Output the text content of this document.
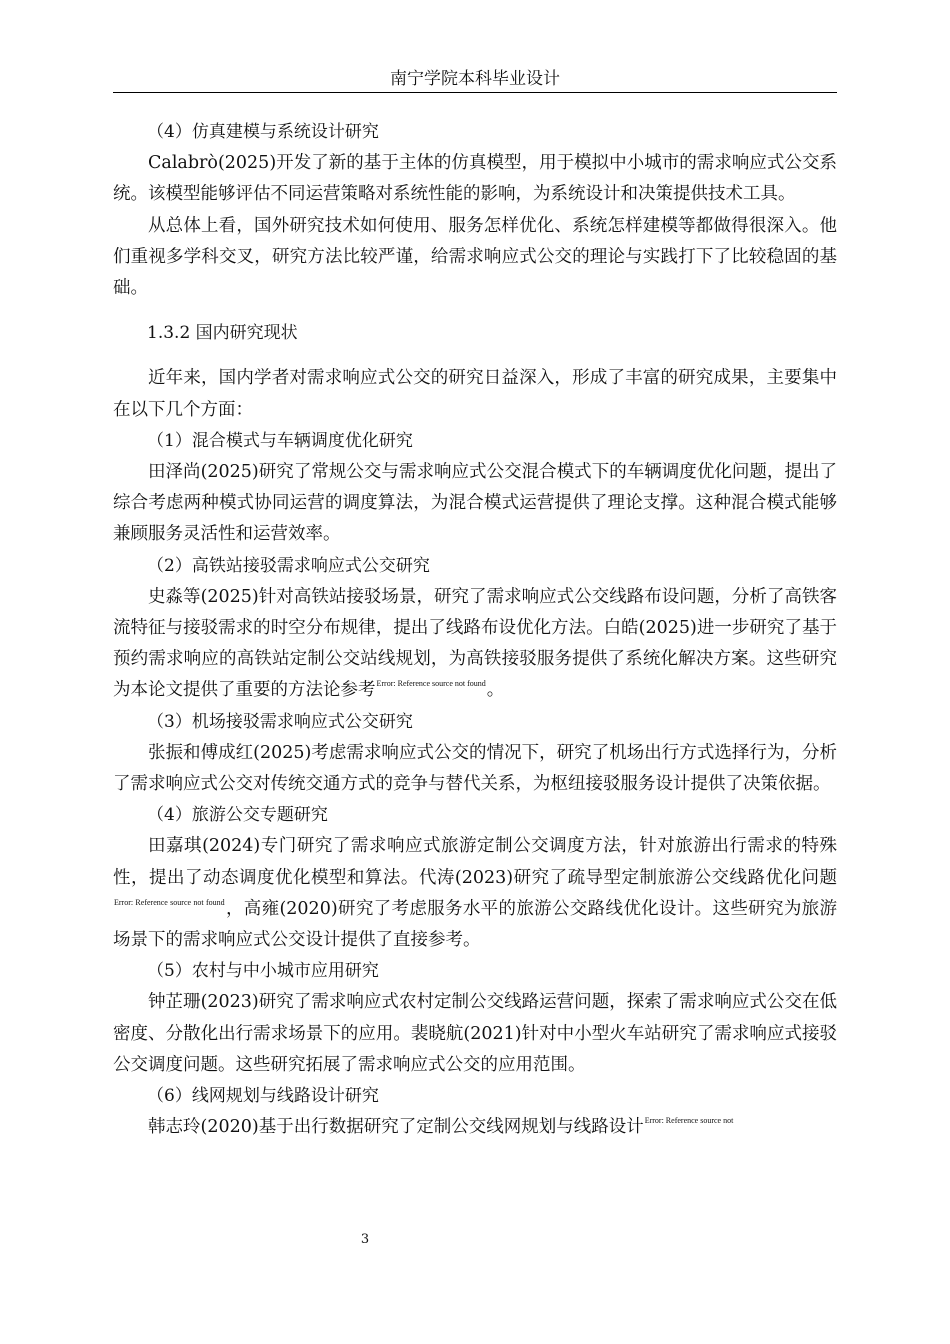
南宁学院本科毕业设计

（4）仿真建模与系统设计研究

Calabrò(2025)开发了新的基于主体的仿真模型，用于模拟中小城市的需求响应式公交系统。该模型能够评估不同运营策略对系统性能的影响，为系统设计和决策提供技术工具。

从总体上看，国外研究技术如何使用、服务怎样优化、系统怎样建模等都做得很深入。他们重视多学科交叉，研究方法比较严谨，给需求响应式公交的理论与实践打下了比较稳固的基础。

1.3.2 国内研究现状

近年来，国内学者对需求响应式公交的研究日益深入，形成了丰富的研究成果，主要集中在以下几个方面：

（1）混合模式与车辆调度优化研究

田泽尚(2025)研究了常规公交与需求响应式公交混合模式下的车辆调度优化问题，提出了综合考虑两种模式协同运营的调度算法，为混合模式运营提供了理论支撑。这种混合模式能够兼顾服务灵活性和运营效率。

（2）高铁站接驳需求响应式公交研究

史淼等(2025)针对高铁站接驳场景，研究了需求响应式公交线路布设问题，分析了高铁客流特征与接驳需求的时空分布规律，提出了线路布设优化方法。白皓(2025)进一步研究了基于预约需求响应的高铁站定制公交站线规划，为高铁接驳服务提供了系统化解决方案。这些研究为本论文提供了重要的方法论参考$^{Error: Reference source not found}$。

（3）机场接驳需求响应式公交研究

张振和傅成红(2025)考虑需求响应式公交的情况下，研究了机场出行方式选择行为，分析了需求响应式公交对传统交通方式的竞争与替代关系，为枢纽接驳服务设计提供了决策依据。

（4）旅游公交专题研究

田嘉琪(2024)专门研究了需求响应式旅游定制公交调度方法，针对旅游出行需求的特殊性，提出了动态调度优化模型和算法。代涛(2023)研究了疏导型定制旅游公交线路优化问题$^{Error: Reference source not found}$，高雍(2020)研究了考虑服务水平的旅游公交路线优化设计。这些研究为旅游场景下的需求响应式公交设计提供了直接参考。

（5）农村与中小城市应用研究

钟芷珊(2023)研究了需求响应式农村定制公交线路运营问题，探索了需求响应式公交在低密度、分散化出行需求场景下的应用。裴晓航(2021)针对中小型火车站研究了需求响应式接驳公交调度问题。这些研究拓展了需求响应式公交的应用范围。

（6）线网规划与线路设计研究

韩志玲(2020)基于出行数据研究了定制公交线网规划与线路设计$^{Error: Reference source not}$

3
